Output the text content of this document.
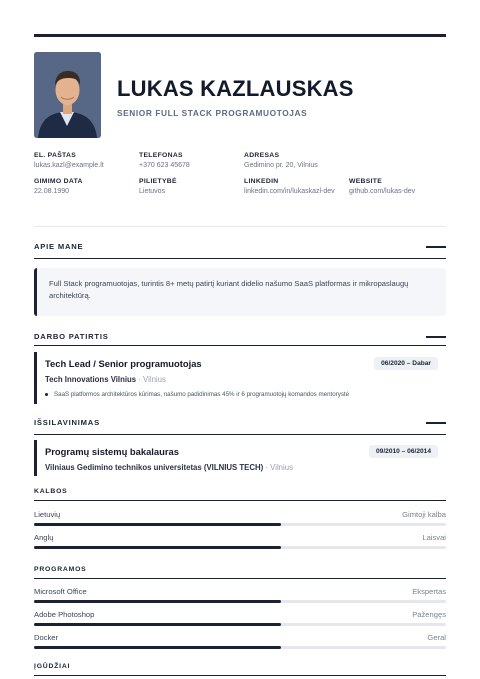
LUKAS KAZLAUSKAS
SENIOR FULL STACK PROGRAMUOTOJAS
EL. PAŠTAS
lukas.kazl@example.lt
TELEFONAS
+370 623 45678
ADRESAS
Gedimino pr. 20, Vilnius
GIMIMO DATA
22.08.1990
PILIETYBĖ
Lietuvos
LINKEDIN
linkedin.com/in/lukaskazl-dev
WEBSITE
github.com/lukas-dev
APIE MANE
Full Stack programuotojas, turintis 8+ metų patirtį kuriant didelio našumo SaaS platformas ir mikropaslaugų architektūrą.
DARBO PATIRTIS
Tech Lead / Senior programuotojas	06/2020 – Dabar
Tech Innovations Vilnius · Vilnius
SaaS platformos architektūros kūrimas, našumo padidinimas 45% ir 6 programuotojų komandos mentorystė
IŠSILAVINIMAS
Programų sistemų bakalauras	09/2010 – 06/2014
Vilniaus Gedimino technikos universitetas (VILNIUS TECH) · Vilnius
KALBOS
Lietuvių	Gimtoji kalba
Anglų	Laisvai
PROGRAMOS
Microsoft Office	Ekspertas
Adobe Photoshop	Pažengęs
Docker	Geral
ĮGŪDŽIAI
